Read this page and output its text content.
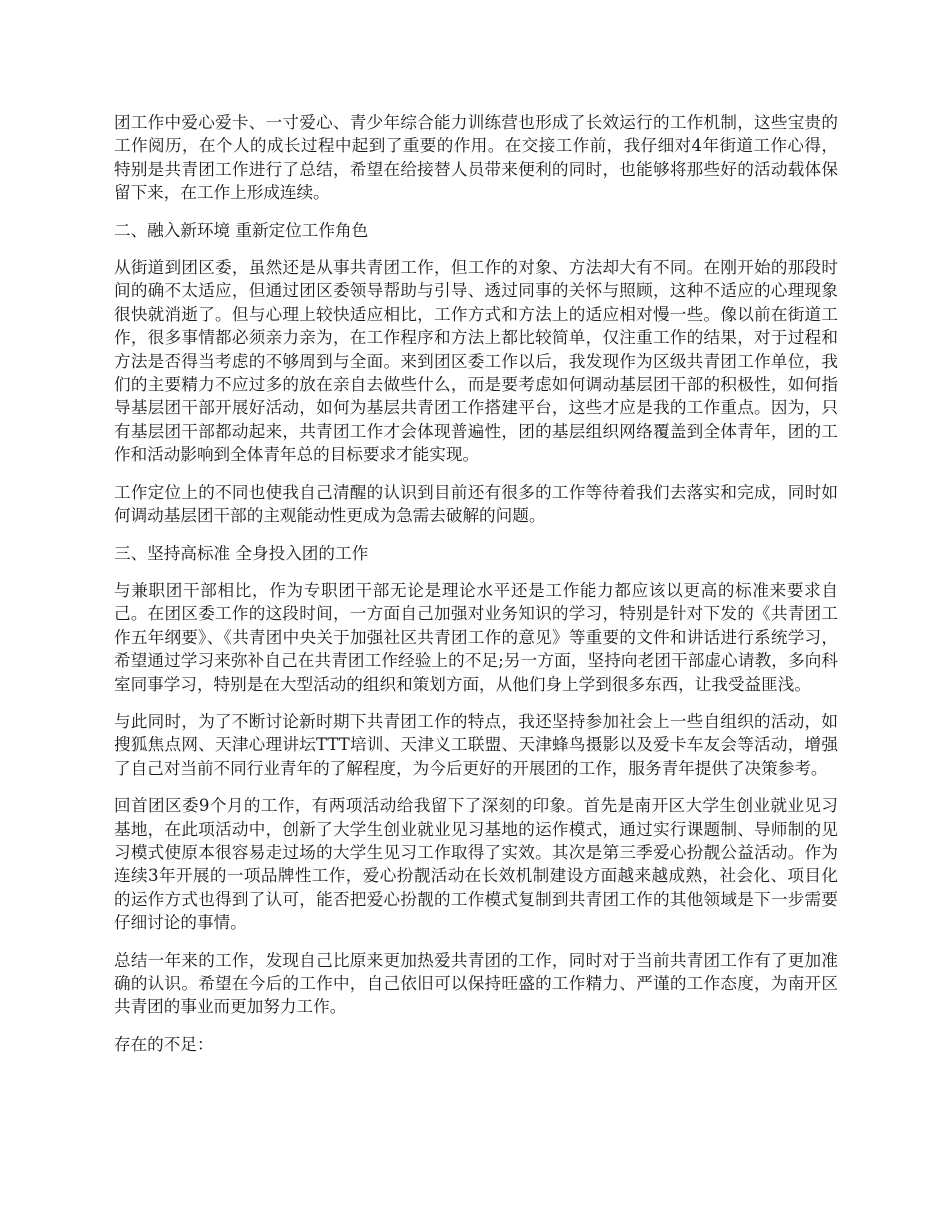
团工作中爱心爱卡、一寸爱心、青少年综合能力训练营也形成了长效运行的工作机制，这些宝贵的工作阅历，在个人的成长过程中起到了重要的作用。在交接工作前，我仔细对4年街道工作心得，特别是共青团工作进行了总结，希望在给接替人员带来便利的同时，也能够将那些好的活动载体保留下来，在工作上形成连续。

二、融入新环境 重新定位工作角色

从街道到团区委，虽然还是从事共青团工作，但工作的对象、方法却大有不同。在刚开始的那段时间的确不太适应，但通过团区委领导帮助与引导、透过同事的关怀与照顾，这种不适应的心理现象很快就消逝了。但与心理上较快适应相比，工作方式和方法上的适应相对慢一些。像以前在街道工作，很多事情都必须亲力亲为，在工作程序和方法上都比较简单，仅注重工作的结果，对于过程和方法是否得当考虑的不够周到与全面。来到团区委工作以后，我发现作为区级共青团工作单位，我们的主要精力不应过多的放在亲自去做些什么，而是要考虑如何调动基层团干部的积极性，如何指导基层团干部开展好活动，如何为基层共青团工作搭建平台，这些才应是我的工作重点。因为，只有基层团干部都动起来，共青团工作才会体现普遍性，团的基层组织网络覆盖到全体青年，团的工作和活动影响到全体青年总的目标要求才能实现。

工作定位上的不同也使我自己清醒的认识到目前还有很多的工作等待着我们去落实和完成，同时如何调动基层团干部的主观能动性更成为急需去破解的问题。

三、坚持高标准 全身投入团的工作

与兼职团干部相比，作为专职团干部无论是理论水平还是工作能力都应该以更高的标准来要求自己。在团区委工作的这段时间，一方面自己加强对业务知识的学习，特别是针对下发的《共青团工作五年纲要》、《共青团中央关于加强社区共青团工作的意见》等重要的文件和讲话进行系统学习，希望通过学习来弥补自己在共青团工作经验上的不足;另一方面，坚持向老团干部虚心请教，多向科室同事学习，特别是在大型活动的组织和策划方面，从他们身上学到很多东西，让我受益匪浅。

与此同时，为了不断讨论新时期下共青团工作的特点，我还坚持参加社会上一些自组织的活动，如搜狐焦点网、天津心理讲坛TTT培训、天津义工联盟、天津蜂鸟摄影以及爱卡车友会等活动，增强了自己对当前不同行业青年的了解程度，为今后更好的开展团的工作，服务青年提供了决策参考。

回首团区委9个月的工作，有两项活动给我留下了深刻的印象。首先是南开区大学生创业就业见习基地，在此项活动中，创新了大学生创业就业见习基地的运作模式，通过实行课题制、导师制的见习模式使原本很容易走过场的大学生见习工作取得了实效。其次是第三季爱心扮靓公益活动。作为连续3年开展的一项品牌性工作，爱心扮靓活动在长效机制建设方面越来越成熟，社会化、项目化的运作方式也得到了认可，能否把爱心扮靓的工作模式复制到共青团工作的其他领域是下一步需要仔细讨论的事情。

总结一年来的工作，发现自己比原来更加热爱共青团的工作，同时对于当前共青团工作有了更加准确的认识。希望在今后的工作中，自己依旧可以保持旺盛的工作精力、严谨的工作态度，为南开区共青团的事业而更加努力工作。

存在的不足：
